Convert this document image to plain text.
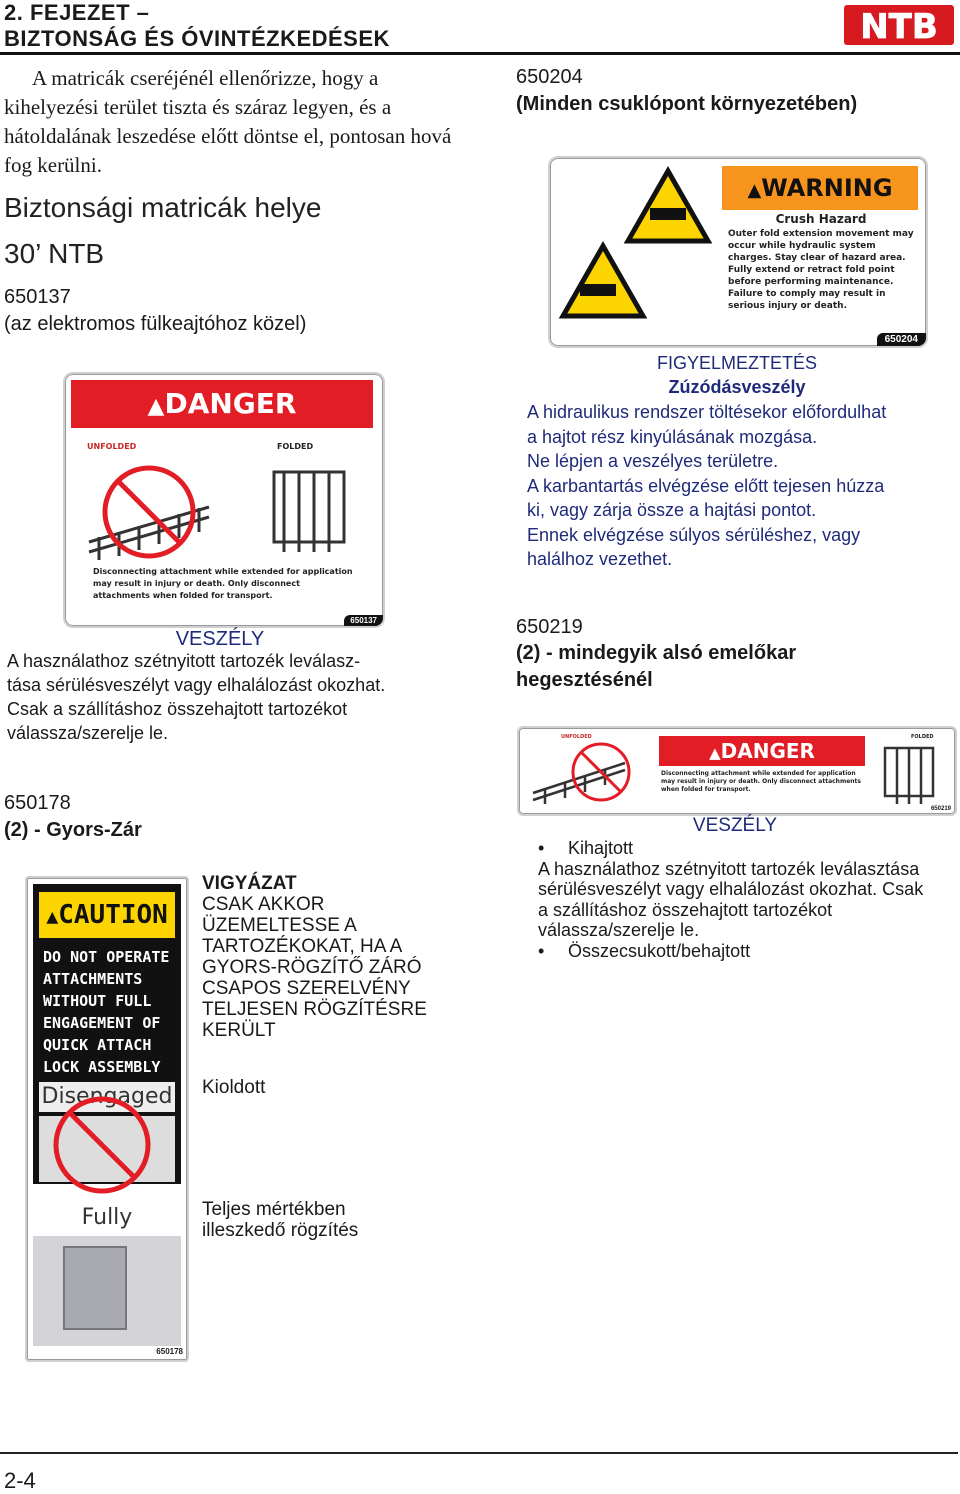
2. FEJEZET –
BIZTONSÁG ÉS ÓVINTÉZKEDÉSEK	NTB
A matricák cseréjénél ellenőrizze, hogy a kihelyezési terület tiszta és száraz legyen, és a hátoldalának leszedése előtt döntse el, pontosan hová fog kerülni.
Biztonsági matricák helye
30’ NTB
650137
(az elektromos fülkeajtóhoz közel)
▲DANGER
UNFOLDED	FOLDED
Disconnecting attachment while extended for application may result in injury or death. Only disconnect attachments when folded for transport.
650137
VESZÉLY
A használathoz szétnyitott tartozék leválasz-
tása sérülésveszélyt vagy elhalálozást okozhat.
Csak a szállításhoz összehajtott tartozékot
válassza/szerelje le.
650178
(2) - Gyors-Zár
▲CAUTION
DO NOT OPERATE
ATTACHMENTS
WITHOUT FULL
ENGAGEMENT OF
QUICK ATTACH
LOCK ASSEMBLY
Disengaged
Fully
650178
VIGYÁZAT
CSAK AKKOR ÜZEMELTESSE A TARTOZÉKOKAT, HA A GYORS-RÖGZÍTŐ ZÁRÓ CSAPOS SZERELVÉNY TELJESEN RÖGZÍTÉSRE KERÜLT
Kioldott
Teljes mértékben illeszkedő rögzítés
650204
(Minden csuklópont környezetében)
▲WARNING
Crush Hazard
Outer fold extension movement may occur while hydraulic system charges. Stay clear of hazard area. Fully extend or retract fold point before performing maintenance. Failure to comply may result in serious injury or death.
650204
FIGYELMEZTETÉS
Zúzódásveszély
A hidraulikus rendszer töltésekor előfordulhat
a hajtot rész kinyúlásának mozgása.
Ne lépjen a veszélyes területre.
A karbantartás elvégzése előtt tejesen húzza
ki, vagy zárja össze a hajtási pontot.
Ennek elvégzése súlyos sérüléshez, vagy
halálhoz vezethet.
650219
(2) - mindegyik alsó emelőkar
hegesztésénél
UNFOLDED	FOLDED
▲DANGER
Disconnecting attachment while extended for application may result in injury or death. Only disconnect attachments when folded for transport.
650219
VESZÉLY
• Kihajtott
A használathoz szétnyitott tartozék leválasztása sérülésveszélyt vagy elhalálozást okozhat. Csak a szállításhoz összehajtott tartozékot válassza/szerelje le.
• Összecsukott/behajtott
2-4
